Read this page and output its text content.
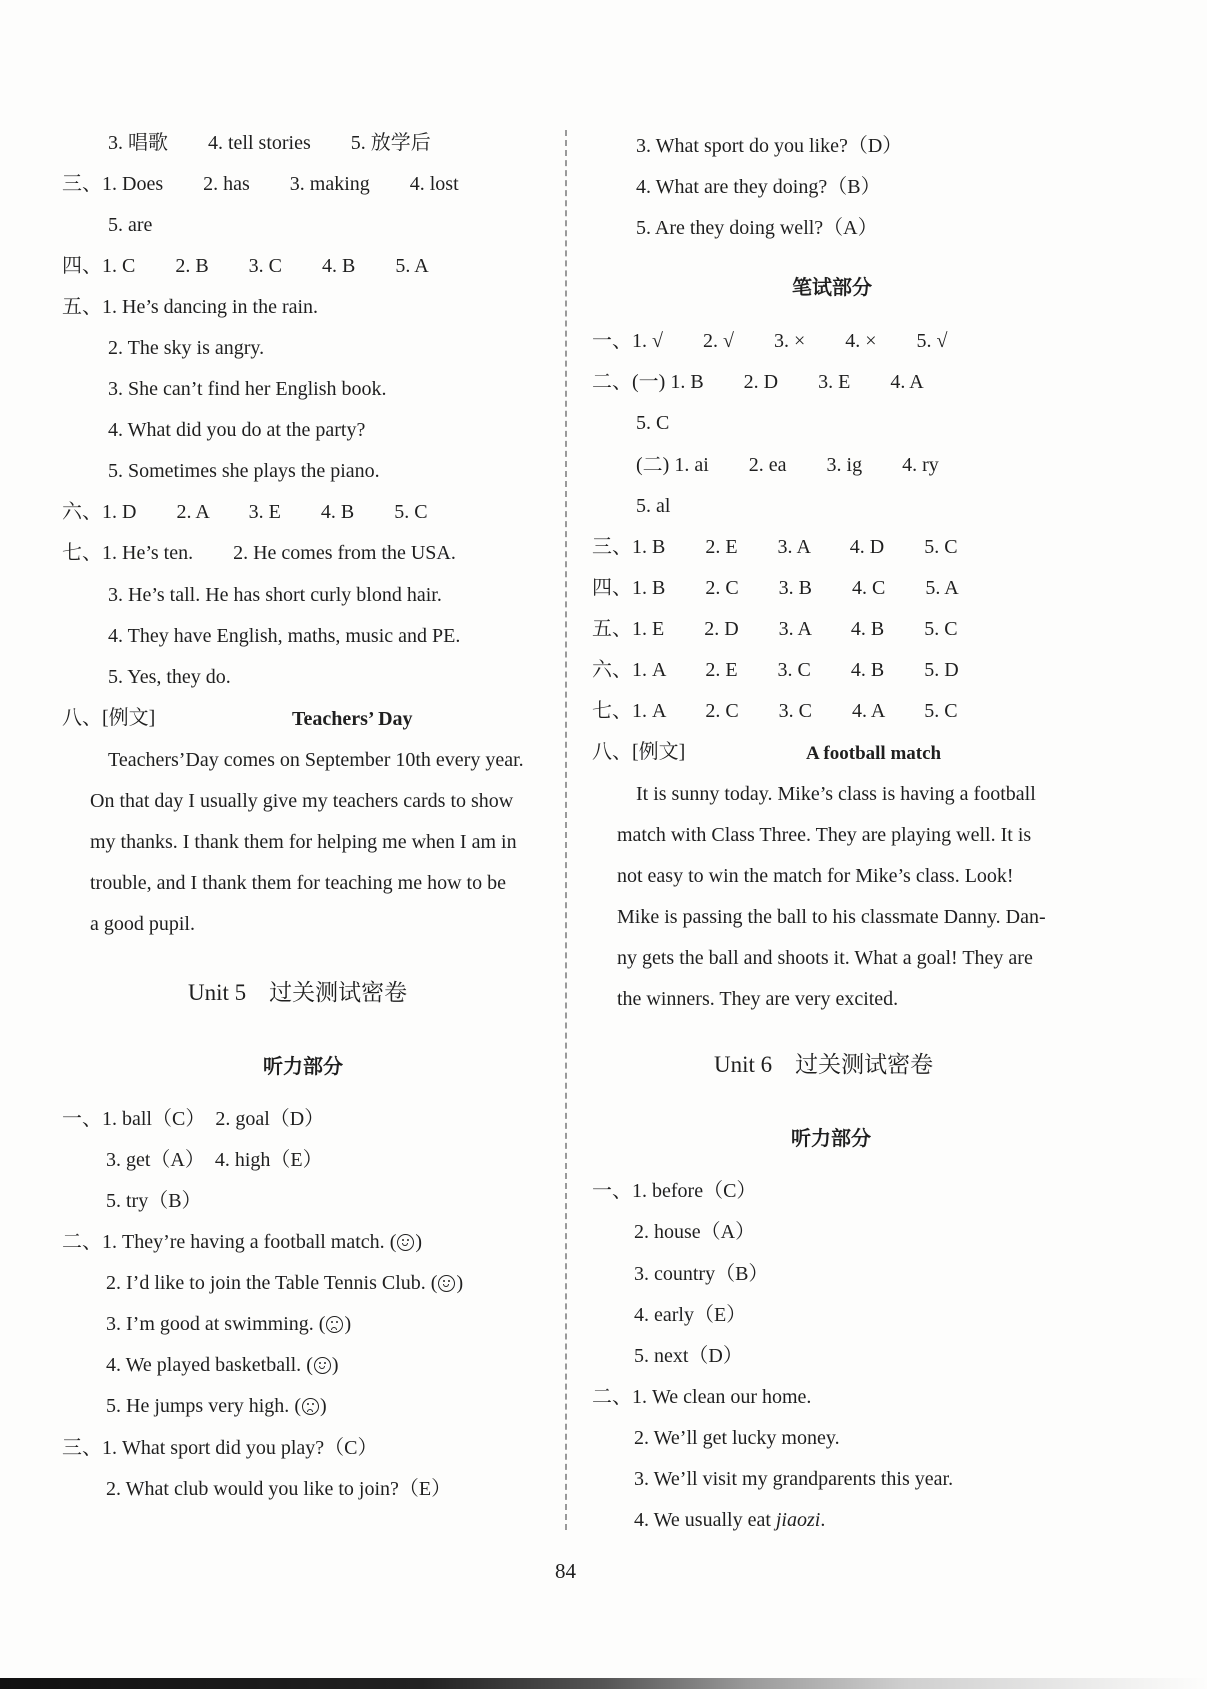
3. 唱歌　　4. tell stories　　5. 放学后
三、1. Does　　2. has　　3. making　　4. lost
5. are
四、1. C　　2. B　　3. C　　4. B　　5. A
五、1. He’s dancing in the rain.
2. The sky is angry.
3. She can’t find her English book.
4. What did you do at the party?
5. Sometimes she plays the piano.
六、1. D　　2. A　　3. E　　4. B　　5. C
七、1. He’s ten.　　2. He comes from the USA.
3. He’s tall. He has short curly blond hair.
4. They have English, maths, music and PE.
5. Yes, they do.
八、[例文]	Teachers’ Day
Teachers’Day comes on September 10th every year.
On that day I usually give my teachers cards to show
my thanks. I thank them for helping me when I am in
trouble, and I thank them for teaching me how to be
a good pupil.
Unit 5　过关测试密卷
听力部分
一、1. ball（C）　2. goal（D）
3. get（A）　4. high（E）
5. try（B）
二、1. They’re having a football match. ( )
2. I’d like to join the Table Tennis Club. ( )
3. I’m good at swimming. ( )
4. We played basketball. ( )
5. He jumps very high. ( )
三、1. What sport did you play?（C）
2. What club would you like to join?（E）
3. What sport do you like?（D）
4. What are they doing?（B）
5. Are they doing well?（A）
笔试部分
一、1. √　　2. √　　3. ×　　4. ×　　5. √
二、(一) 1. B　　2. D　　3. E　　4. A
5. C
(二) 1. ai　　2. ea　　3. ig　　4. ry
5. al
三、1. B　　2. E　　3. A　　4. D　　5. C
四、1. B　　2. C　　3. B　　4. C　　5. A
五、1. E　　2. D　　3. A　　4. B　　5. C
六、1. A　　2. E　　3. C　　4. B　　5. D
七、1. A　　2. C　　3. C　　4. A　　5. C
八、[例文]	A football match
It is sunny today. Mike’s class is having a football
match with Class Three. They are playing well. It is
not easy to win the match for Mike’s class. Look!
Mike is passing the ball to his classmate Danny. Dan-
ny gets the ball and shoots it. What a goal! They are
the winners. They are very excited.
Unit 6　过关测试密卷
听力部分
一、1. before（C）
2. house（A）
3. country（B）
4. early（E）
5. next（D）
二、1. We clean our home.
2. We’ll get lucky money.
3. We’ll visit my grandparents this year.
4. We usually eat jiaozi.
84
